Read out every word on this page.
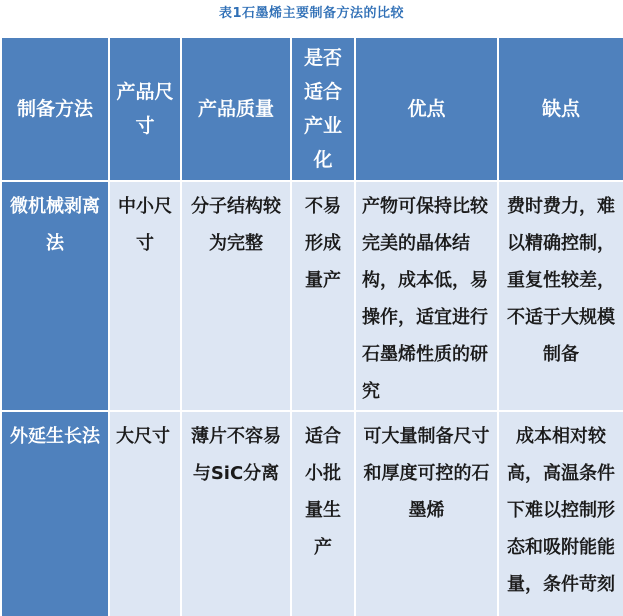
表1石墨烯主要制备方法的比较
制备方法	产品尺寸	产品质量	是否适合产业化	优点	缺点
微机械剥离法	中小尺寸	分子结构较为完整	不易形成量产	产物可保持比较完美的晶体结构，成本低，易操作，适宜进行石墨烯性质的研究	费时费力，难以精确控制，重复性较差，不适于大规模制备
外延生长法	大尺寸	薄片不容易与SiC分离	适合小批量生产	可大量制备尺寸和厚度可控的石墨烯	成本相对较高，高温条件下难以控制形态和吸附能能量，条件苛刻
